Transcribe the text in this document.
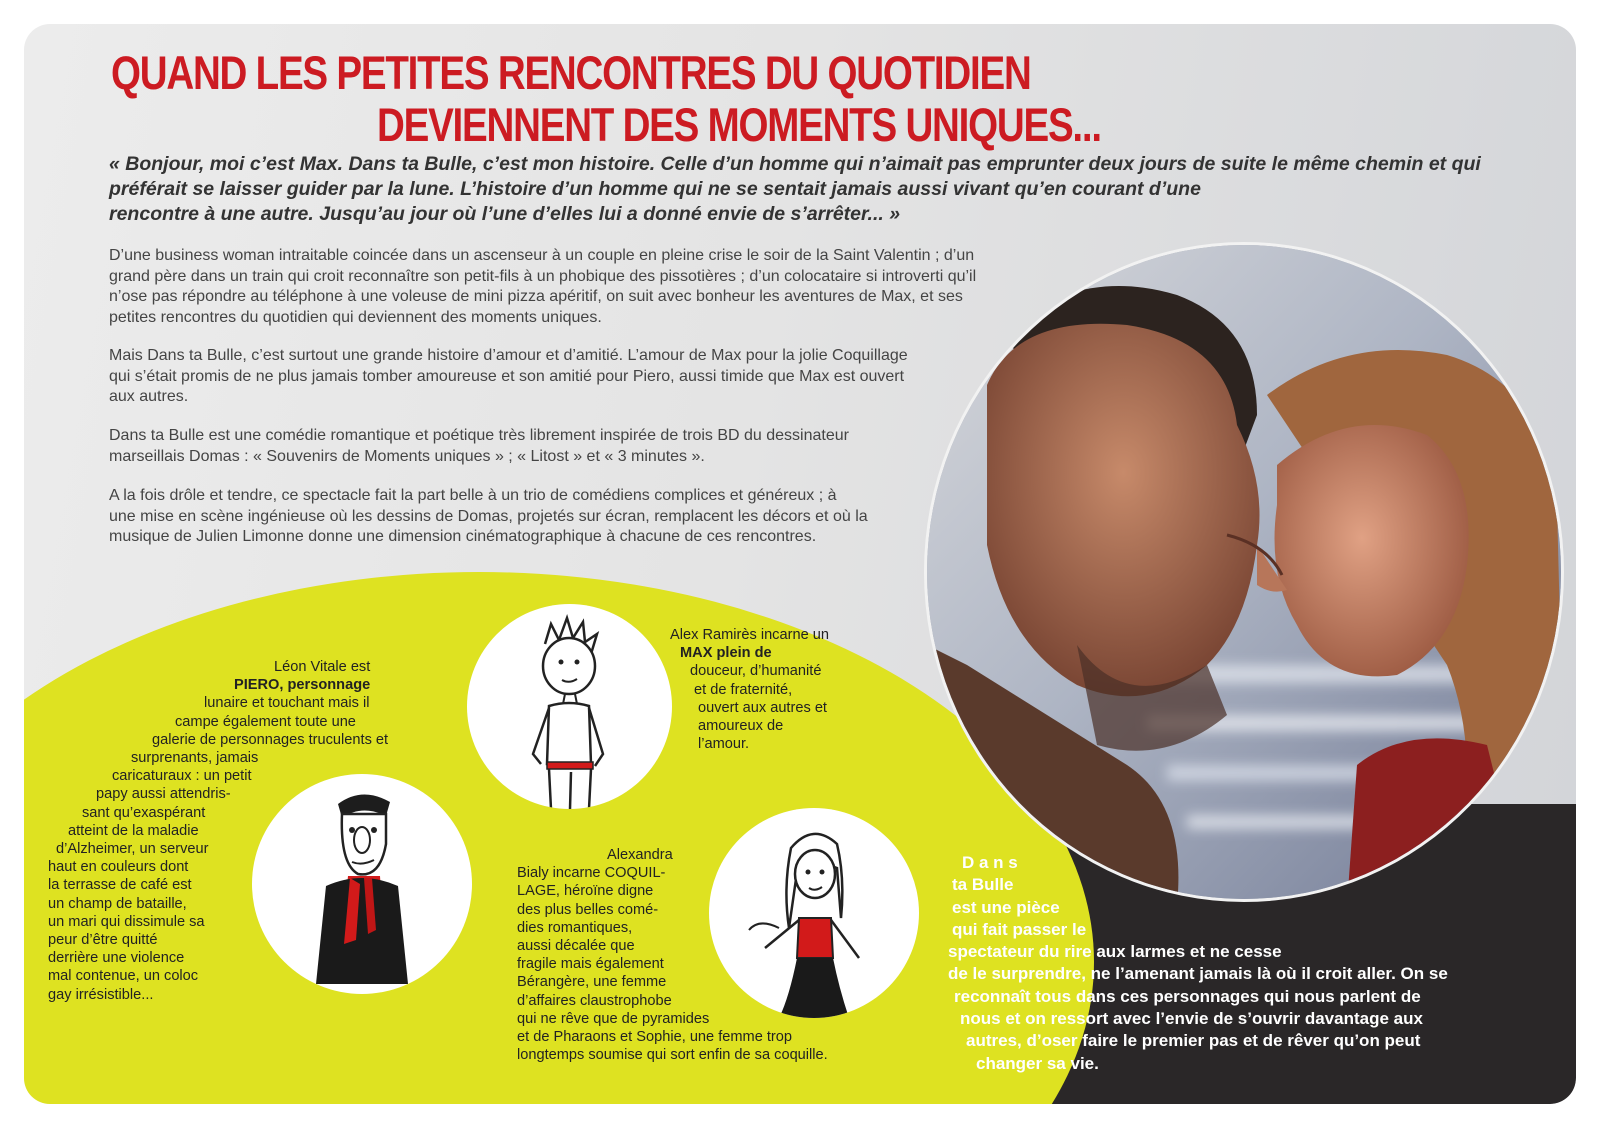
QUAND LES PETITES RENCONTRES DU QUOTIDIEN
DEVIENNENT DES MOMENTS UNIQUES...
« Bonjour, moi c’est Max. Dans ta Bulle, c’est mon histoire. Celle d’un homme qui n’aimait pas emprunter deux jours de suite le même chemin et qui
préférait se laisser guider par la lune. L’histoire d’un homme qui ne se sentait jamais aussi vivant qu’en courant d’une
rencontre à une autre. Jusqu’au jour où l’une d’elles lui a donné envie de s’arrêter... »
D’une business woman intraitable coincée dans un ascenseur à un couple en pleine crise le soir de la Saint Valentin ; d’un
grand père dans un train qui croit reconnaître son petit-fils à un phobique des pissotières ; d’un colocataire si introverti qu’il
n’ose pas répondre au téléphone à une voleuse de mini pizza apéritif, on suit avec bonheur les aventures de Max, et ses
petites rencontres du quotidien qui deviennent des moments uniques.
Mais Dans ta Bulle, c’est surtout une grande histoire d’amour et d’amitié. L’amour de Max pour la jolie Coquillage
qui s’était promis de ne plus jamais tomber amoureuse et son amitié pour Piero, aussi timide que Max est ouvert
aux autres.
Dans ta Bulle est une comédie romantique et poétique très librement inspirée de trois BD du dessinateur
marseillais Domas : « Souvenirs de Moments uniques » ; « Litost » et « 3 minutes ».
A la fois drôle et tendre, ce spectacle fait la part belle à un trio de comédiens complices et généreux ; à
une mise en scène ingénieuse où les dessins de Domas, projetés sur écran, remplacent les décors et où la
musique de Julien Limonne donne une dimension cinématographique à chacune de ces rencontres.
Léon Vitale est
PIERO, personnage
lunaire et touchant mais il
campe également toute une
galerie de personnages truculents et
surprenants, jamais
caricaturaux : un petit
papy aussi attendris-
sant qu’exaspérant
atteint de la maladie
d’Alzheimer, un serveur
haut en couleurs dont
la terrasse de café est
un champ de bataille,
un mari qui dissimule sa
peur d’être quitté
derrière une violence
mal contenue, un coloc
gay irrésistible...
Alex Ramirès incarne un
MAX plein de
douceur, d’humanité
et de fraternité,
ouvert aux autres et
amoureux de
l’amour.
Alexandra
Bialy incarne COQUIL-
LAGE, héroïne digne
des plus belles comé-
dies romantiques,
aussi décalée que
fragile mais également
Bérangère, une femme
d’affaires claustrophobe
qui ne rêve que de pyramides
et de Pharaons et Sophie, une femme trop
longtemps soumise qui sort enfin de sa coquille.
D a n s
ta Bulle
est une pièce
qui fait passer le
spectateur du rire aux larmes et ne cesse
de le surprendre, ne l’amenant jamais là où il croit aller. On se
reconnaît tous dans ces personnages qui nous parlent de
nous et on ressort avec l’envie de s’ouvrir davantage aux
autres, d’oser faire le premier pas et de rêver qu’on peut
changer sa vie.
